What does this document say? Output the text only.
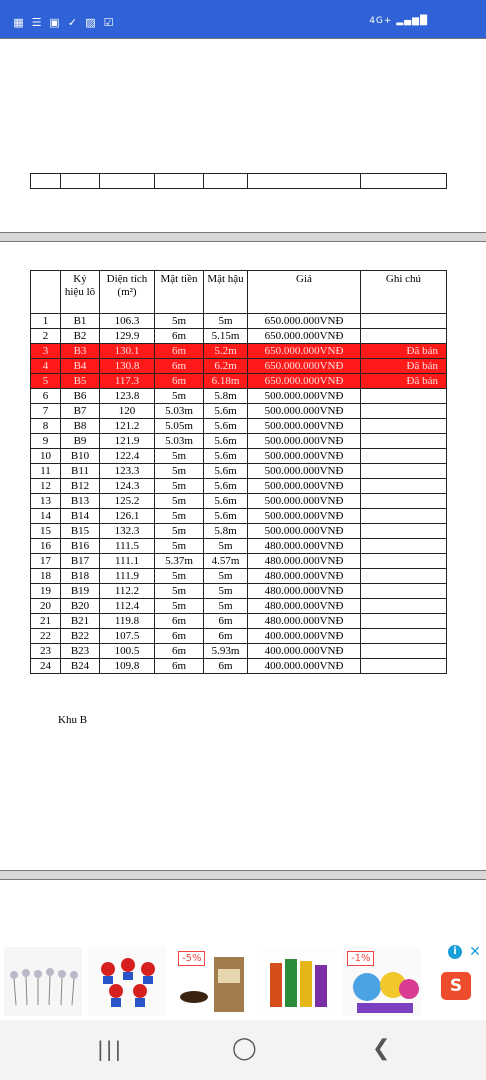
▦ ☰ ▣ ✓ ▨ ☑	4G+ ▂▄▆█

	Ký hiệu lô	Diện tích (m²)	Mặt tiền	Mặt hậu	Giá	Ghi chú
1	B1	106.3	5m	5m	650.000.000VNĐ	
2	B2	129.9	6m	5.15m	650.000.000VNĐ	
3	B3	130.1	6m	5.2m	650.000.000VNĐ	Đã bán
4	B4	130.8	6m	6.2m	650.000.000VNĐ	Đã bán
5	B5	117.3	6m	6.18m	650.000.000VNĐ	Đã bán
6	B6	123.8	5m	5.8m	500.000.000VNĐ	
7	B7	120	5.03m	5.6m	500.000.000VNĐ	
8	B8	121.2	5.05m	5.6m	500.000.000VNĐ	
9	B9	121.9	5.03m	5.6m	500.000.000VNĐ	
10	B10	122.4	5m	5.6m	500.000.000VNĐ	
11	B11	123.3	5m	5.6m	500.000.000VNĐ	
12	B12	124.3	5m	5.6m	500.000.000VNĐ	
13	B13	125.2	5m	5.6m	500.000.000VNĐ	
14	B14	126.1	5m	5.6m	500.000.000VNĐ	
15	B15	132.3	5m	5.8m	500.000.000VNĐ	
16	B16	111.5	5m	5m	480.000.000VNĐ	
17	B17	111.1	5.37m	4.57m	480.000.000VNĐ	
18	B18	111.9	5m	5m	480.000.000VNĐ	
19	B19	112.2	5m	5m	480.000.000VNĐ	
20	B20	112.4	5m	5m	480.000.000VNĐ	
21	B21	119.8	6m	6m	480.000.000VNĐ	
22	B22	107.5	6m	6m	400.000.000VNĐ	
23	B23	100.5	6m	5.93m	400.000.000VNĐ	
24	B24	109.8	6m	6m	400.000.000VNĐ	
Khu B
-5%	-1%
i ✕
S
|||	◯	❮
